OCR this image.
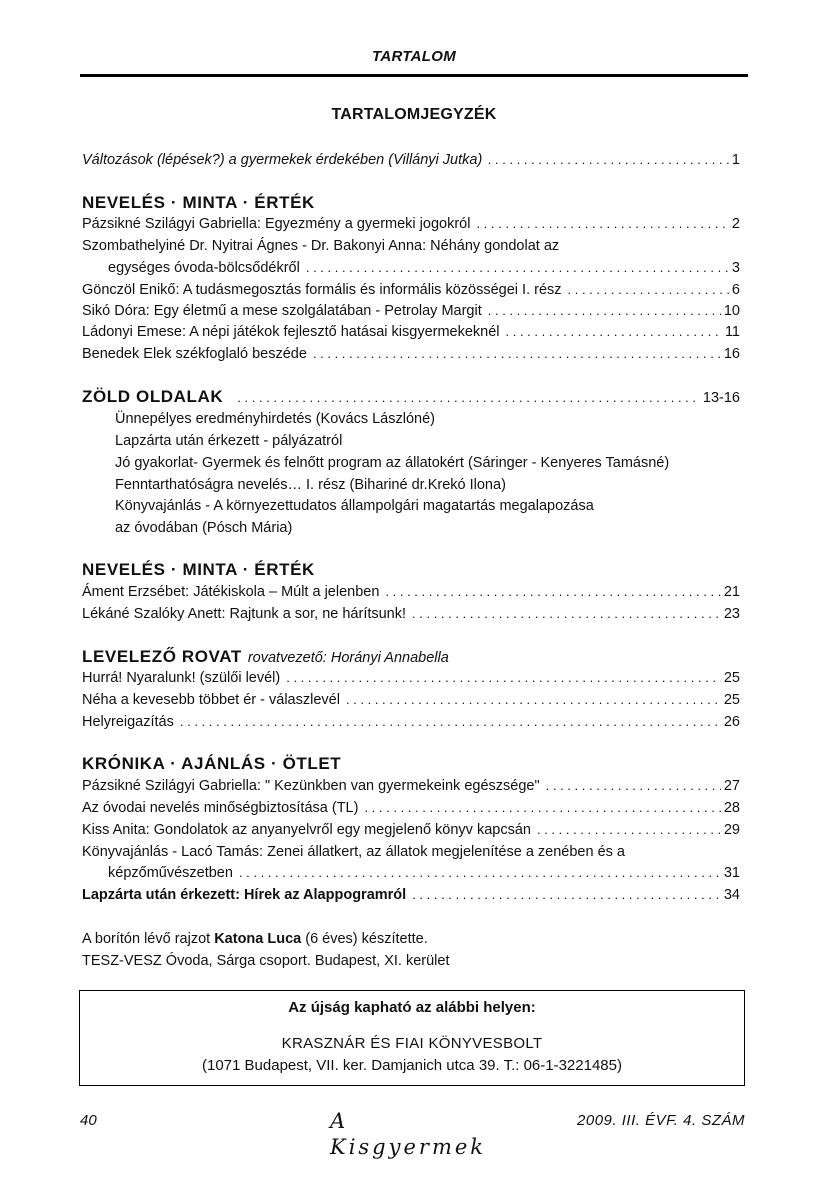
TARTALOM
TARTALOMJEGYZÉK
Változások (lépések?) a gyermekek érdekében (Villányi Jutka) . . .	1
NEVELÉS · MINTA · ÉRTÉK
Pázsikné Szilágyi Gabriella: Egyezmény a gyermeki jogokról . . .	2
Szombathelyiné Dr. Nyitrai Ágnes - Dr. Bakonyi Anna: Néhány gondolat az
egységes óvoda-bölcsődékről . . .	3
Gönczöl Enikő: A tudásmegosztás formális és informális közösségei I. rész . . .	6
Sikó Dóra: Egy életmű a mese szolgálatában - Petrolay Margit . . .	10
Ládonyi Emese: A népi játékok fejlesztő hatásai kisgyermekeknél . . .	11
Benedek Elek székfoglaló beszéde . . .	16
ZÖLD OLDALAK . . .	13-16
Ünnepélyes eredményhirdetés (Kovács Lászlóné)
Lapzárta után érkezett - pályázatról
Jó gyakorlat- Gyermek és felnőtt program az állatokért (Sáringer - Kenyeres Tamásné)
Fenntarthatóságra nevelés… I. rész (Bihariné dr.Krekó Ilona)
Könyvajánlás - A környezettudatos állampolgári magatartás megalapozása
az óvodában (Pósch Mária)
NEVELÉS · MINTA · ÉRTÉK
Áment Erzsébet: Játékiskola – Múlt a jelenben . . .	21
Lékáné Szalóky Anett: Rajtunk a sor, ne hárítsunk! . . .	23
LEVELEZŐ ROVAT rovatvezető: Horányi Annabella
Hurrá! Nyaralunk! (szülői levél) . . .	25
Néha a kevesebb többet ér - válaszlevél . . .	25
Helyreigazítás . . .	26
KRÓNIKA · AJÁNLÁS · ÖTLET
Pázsikné Szilágyi Gabriella: " Kezünkben van gyermekeink egészsége" . . .	27
Az óvodai nevelés minőségbiztosítása (TL) . . .	28
Kiss Anita: Gondolatok az anyanyelvről egy megjelenő könyv kapcsán . . .	29
Könyvajánlás - Lacó Tamás: Zenei állatkert, az állatok megjelenítése a zenében és a
képzőművészetben . . .	31
Lapzárta után érkezett: Hírek az Alappogramról . . .	34
A borítón lévő rajzot Katona Luca (6 éves) készítette.
TESZ-VESZ Óvoda, Sárga csoport. Budapest, XI. kerület
Az újság kapható az alábbi helyen:
KRASZNÁR ÉS FIAI KÖNYVESBOLT
(1071 Budapest, VII. ker. Damjanich utca 39. T.: 06-1-3221485)
40	A Kisgyermek
2009. III. ÉVF. 4. SZÁM
